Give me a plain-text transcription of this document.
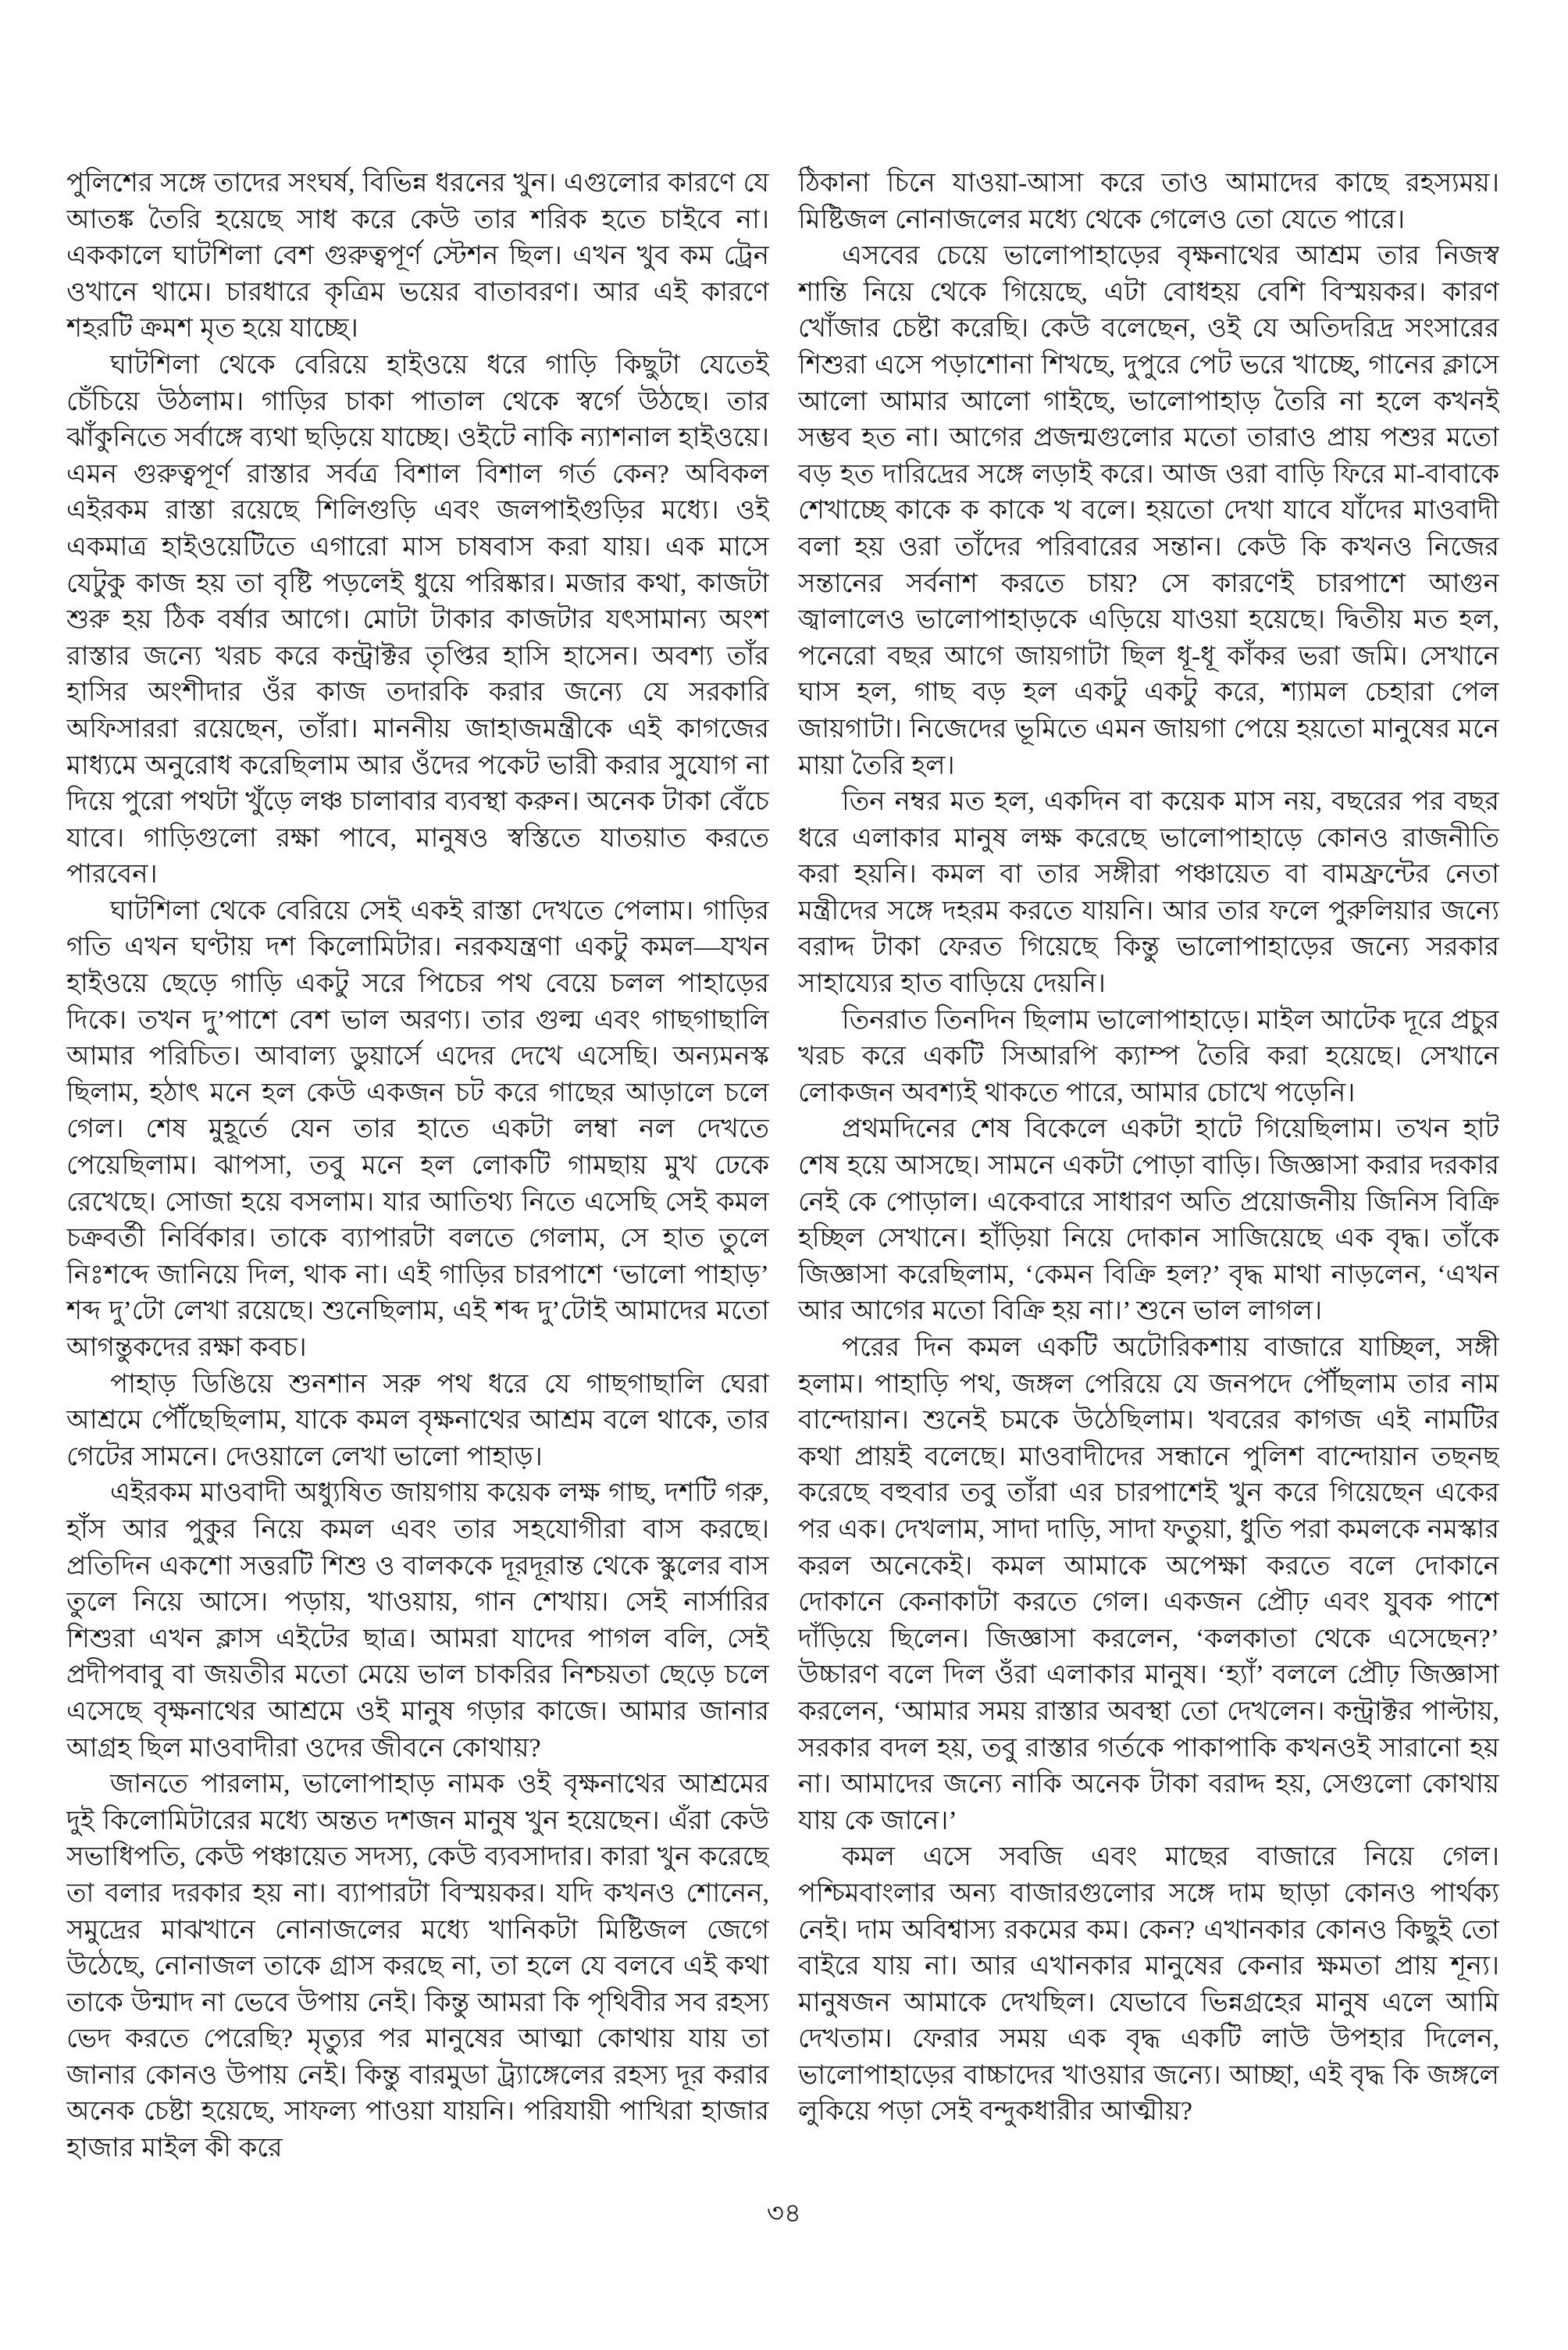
পুলিশের সঙ্গে তাদের সংঘর্ষ, বিভিন্ন ধরনের খুন। এগুলোর কারণে যে আতঙ্ক তৈরি হয়েছে সাধ করে কেউ তার শরিক হতে চাইবে না। এককালে ঘাটশিলা বেশ গুরুত্বপূর্ণ স্টেশন ছিল। এখন খুব কম ট্রেন ওখানে থামে। চারধারে কৃত্রিম ভয়ের বাতাবরণ। আর এই কারণে শহরটি ক্রমশ মৃত হয়ে যাচ্ছে।

ঘাটশিলা থেকে বেরিয়ে হাইওয়ে ধরে গাড়ি কিছুটা যেতেই চেঁচিয়ে উঠলাম। গাড়ির চাকা পাতাল থেকে স্বর্গে উঠছে। তার ঝাঁকুনিতে সর্বাঙ্গে ব্যথা ছড়িয়ে যাচ্ছে। ওইটে নাকি ন্যাশনাল হাইওয়ে। এমন গুরুত্বপূর্ণ রাস্তার সর্বত্র বিশাল বিশাল গর্ত কেন? অবিকল এইরকম রাস্তা রয়েছে শিলিগুড়ি এবং জলপাইগুড়ির মধ্যে। ওই একমাত্র হাইওয়েটিতে এগারো মাস চাষবাস করা যায়। এক মাসে যেটুকু কাজ হয় তা বৃষ্টি পড়লেই ধুয়ে পরিষ্কার। মজার কথা, কাজটা শুরু হয় ঠিক বর্ষার আগে। মোটা টাকার কাজটার যৎসামান্য অংশ রাস্তার জন্যে খরচ করে কন্ট্রাক্টর তৃপ্তির হাসি হাসেন। অবশ্য তাঁর হাসির অংশীদার ওঁর কাজ তদারকি করার জন্যে যে সরকারি অফিসাররা রয়েছেন, তাঁরা। মাননীয় জাহাজমন্ত্রীকে এই কাগজের মাধ্যমে অনুরোধ করেছিলাম আর ওঁদের পকেট ভারী করার সুযোগ না দিয়ে পুরো পথটা খুঁড়ে লঞ্চ চালাবার ব্যবস্থা করুন। অনেক টাকা বেঁচে যাবে। গাড়িগুলো রক্ষা পাবে, মানুষও স্বস্তিতে যাতয়াত করতে পারবেন।

ঘাটশিলা থেকে বেরিয়ে সেই একই রাস্তা দেখতে পেলাম। গাড়ির গতি এখন ঘণ্টায় দশ কিলোমিটার। নরকযন্ত্রণা একটু কমল—যখন হাইওয়ে ছেড়ে গাড়ি একটু সরে পিচের পথ বেয়ে চলল পাহাড়ের দিকে। তখন দু’পাশে বেশ ভাল অরণ্য। তার গুল্ম এবং গাছগাছালি আমার পরিচিত। আবাল্য ডুয়ার্সে এদের দেখে এসেছি। অন্যমনস্ক ছিলাম, হঠাৎ মনে হল কেউ একজন চট করে গাছের আড়ালে চলে গেল। শেষ মুহূর্তে যেন তার হাতে একটা লম্বা নল দেখতে পেয়েছিলাম। ঝাপসা, তবু মনে হল লোকটি গামছায় মুখ ঢেকে রেখেছে। সোজা হয়ে বসলাম। যার আতিথ্য নিতে এসেছি সেই কমল চক্রবর্তী নির্বিকার। তাকে ব্যাপারটা বলতে গেলাম, সে হাত তুলে নিঃশব্দে জানিয়ে দিল, থাক না। এই গাড়ির চারপাশে ‘ভালো পাহাড়’ শব্দ দু’টো লেখা রয়েছে। শুনেছিলাম, এই শব্দ দু’টোই আমাদের মতো আগন্তুকদের রক্ষা কবচ।

পাহাড় ডিঙিয়ে শুনশান সরু পথ ধরে যে গাছগাছালি ঘেরা আশ্রমে পৌঁছেছিলাম, যাকে কমল বৃক্ষনাথের আশ্রম বলে থাকে, তার গেটের সামনে। দেওয়ালে লেখা ভালো পাহাড়।

এইরকম মাওবাদী অধ্যুষিত জায়গায় কয়েক লক্ষ গাছ, দশটি গরু, হাঁস আর পুকুর নিয়ে কমল এবং তার সহযোগীরা বাস করছে। প্রতিদিন একশো সত্তরটি শিশু ও বালককে দূরদূরান্ত থেকে স্কুলের বাস তুলে নিয়ে আসে। পড়ায়, খাওয়ায়, গান শেখায়। সেই নার্সারির শিশুরা এখন ক্লাস এইটের ছাত্র। আমরা যাদের পাগল বলি, সেই প্রদীপবাবু বা জয়তীর মতো মেয়ে ভাল চাকরির নিশ্চয়তা ছেড়ে চলে এসেছে বৃক্ষনাথের আশ্রমে ওই মানুষ গড়ার কাজে। আমার জানার আগ্রহ ছিল মাওবাদীরা ওদের জীবনে কোথায়?

জানতে পারলাম, ভালোপাহাড় নামক ওই বৃক্ষনাথের আশ্রমের দুই কিলোমিটারের মধ্যে অন্তত দশজন মানুষ খুন হয়েছেন। এঁরা কেউ সভাধিপতি, কেউ পঞ্চায়েত সদস্য, কেউ ব্যবসাদার। কারা খুন করেছে তা বলার দরকার হয় না। ব্যাপারটা বিস্ময়কর। যদি কখনও শোনেন, সমুদ্রের মাঝখানে নোনাজলের মধ্যে খানিকটা মিষ্টিজল জেগে উঠেছে, নোনাজল তাকে গ্রাস করছে না, তা হলে যে বলবে এই কথা তাকে উন্মাদ না ভেবে উপায় নেই। কিন্তু আমরা কি পৃথিবীর সব রহস্য ভেদ করতে পেরেছি? মৃত্যুর পর মানুষের আত্মা কোথায় যায় তা জানার কোনও উপায় নেই। কিন্তু বারমুডা ট্র্যাঙ্গেলের রহস্য দূর করার অনেক চেষ্টা হয়েছে, সাফল্য পাওয়া যায়নি। পরিযায়ী পাখিরা হাজার হাজার মাইল কী করে

ঠিকানা চিনে যাওয়া-আসা করে তাও আমাদের কাছে রহস্যময়। মিষ্টিজল নোনাজলের মধ্যে থেকে গেলেও তো যেতে পারে।

এসবের চেয়ে ভালোপাহাড়ের বৃক্ষনাথের আশ্রম তার নিজস্ব শান্তি নিয়ে থেকে গিয়েছে, এটা বোধহয় বেশি বিস্ময়কর। কারণ খোঁজার চেষ্টা করেছি। কেউ বলেছেন, ওই যে অতিদরিদ্র সংসারের শিশুরা এসে পড়াশোনা শিখছে, দুপুরে পেট ভরে খাচ্ছে, গানের ক্লাসে আলো আমার আলো গাইছে, ভালোপাহাড় তৈরি না হলে কখনই সম্ভব হত না। আগের প্রজন্মগুলোর মতো তারাও প্রায় পশুর মতো বড় হত দারিদ্রের সঙ্গে লড়াই করে। আজ ওরা বাড়ি ফিরে মা-বাবাকে শেখাচ্ছে কাকে ক কাকে খ বলে। হয়তো দেখা যাবে যাঁদের মাওবাদী বলা হয় ওরা তাঁদের পরিবারের সন্তান। কেউ কি কখনও নিজের সন্তানের সর্বনাশ করতে চায়? সে কারণেই চারপাশে আগুন জ্বালালেও ভালোপাহাড়কে এড়িয়ে যাওয়া হয়েছে। দ্বিতীয় মত হল, পনেরো বছর আগে জায়গাটা ছিল ধূ-ধূ কাঁকর ভরা জমি। সেখানে ঘাস হল, গাছ বড় হল একটু একটু করে, শ্যামল চেহারা পেল জায়গাটা। নিজেদের ভূমিতে এমন জায়গা পেয়ে হয়তো মানুষের মনে মায়া তৈরি হল।

তিন নম্বর মত হল, একদিন বা কয়েক মাস নয়, বছরের পর বছর ধরে এলাকার মানুষ লক্ষ করেছে ভালোপাহাড়ে কোনও রাজনীতি করা হয়নি। কমল বা তার সঙ্গীরা পঞ্চায়েত বা বামফ্রন্টের নেতা মন্ত্রীদের সঙ্গে দহরম করতে যায়নি। আর তার ফলে পুরুলিয়ার জন্যে বরাদ্দ টাকা ফেরত গিয়েছে কিন্তু ভালোপাহাড়ের জন্যে সরকার সাহায্যের হাত বাড়িয়ে দেয়নি।

তিনরাত তিনদিন ছিলাম ভালোপাহাড়ে। মাইল আটেক দূরে প্রচুর খরচ করে একটি সিআরপি ক্যাম্প তৈরি করা হয়েছে। সেখানে লোকজন অবশ্যই থাকতে পারে, আমার চোখে পড়েনি।

প্রথমদিনের শেষ বিকেলে একটা হাটে গিয়েছিলাম। তখন হাট শেষ হয়ে আসছে। সামনে একটা পোড়া বাড়ি। জিজ্ঞাসা করার দরকার নেই কে পোড়াল। একেবারে সাধারণ অতি প্রয়োজনীয় জিনিস বিক্রি হচ্ছিল সেখানে। হাঁড়িয়া নিয়ে দোকান সাজিয়েছে এক বৃদ্ধ। তাঁকে জিজ্ঞাসা করেছিলাম, ‘কেমন বিক্রি হল?’ বৃদ্ধ মাথা নাড়লেন, ‘এখন আর আগের মতো বিক্রি হয় না।’ শুনে ভাল লাগল।

পরের দিন কমল একটি অটোরিকশায় বাজারে যাচ্ছিল, সঙ্গী হলাম। পাহাড়ি পথ, জঙ্গল পেরিয়ে যে জনপদে পৌঁছলাম তার নাম বান্দোয়ান। শুনেই চমকে উঠেছিলাম। খবরের কাগজ এই নামটির কথা প্রায়ই বলেছে। মাওবাদীদের সন্ধানে পুলিশ বান্দোয়ান তছনছ করেছে বহুবার তবু তাঁরা এর চারপাশেই খুন করে গিয়েছেন একের পর এক। দেখলাম, সাদা দাড়ি, সাদা ফতুয়া, ধুতি পরা কমলকে নমস্কার করল অনেকেই। কমল আমাকে অপেক্ষা করতে বলে দোকানে দোকানে কেনাকাটা করতে গেল। একজন প্রৌঢ় এবং যুবক পাশে দাঁড়িয়ে ছিলেন। জিজ্ঞাসা করলেন, ‘কলকাতা থেকে এসেছেন?’ উচ্চারণ বলে দিল ওঁরা এলাকার মানুষ। ‘হ্যাঁ’ বললে প্রৌঢ় জিজ্ঞাসা করলেন, ‘আমার সময় রাস্তার অবস্থা তো দেখলেন। কন্ট্রাক্টর পাল্টায়, সরকার বদল হয়, তবু রাস্তার গর্তকে পাকাপাকি কখনওই সারানো হয় না। আমাদের জন্যে নাকি অনেক টাকা বরাদ্দ হয়, সেগুলো কোথায় যায় কে জানে।’

কমল এসে সবজি এবং মাছের বাজারে নিয়ে গেল। পশ্চিমবাংলার অন্য বাজারগুলোর সঙ্গে দাম ছাড়া কোনও পার্থক্য নেই। দাম অবিশ্বাস্য রকমের কম। কেন? এখানকার কোনও কিছুই তো বাইরে যায় না। আর এখানকার মানুষের কেনার ক্ষমতা প্রায় শূন্য। মানুষজন আমাকে দেখছিল। যেভাবে ভিন্নগ্রহের মানুষ এলে আমি দেখতাম। ফেরার সময় এক বৃদ্ধ একটি লাউ উপহার দিলেন, ভালোপাহাড়ের বাচ্চাদের খাওয়ার জন্যে। আচ্ছা, এই বৃদ্ধ কি জঙ্গলে লুকিয়ে পড়া সেই বন্দুকধারীর আত্মীয়?

৩৪
